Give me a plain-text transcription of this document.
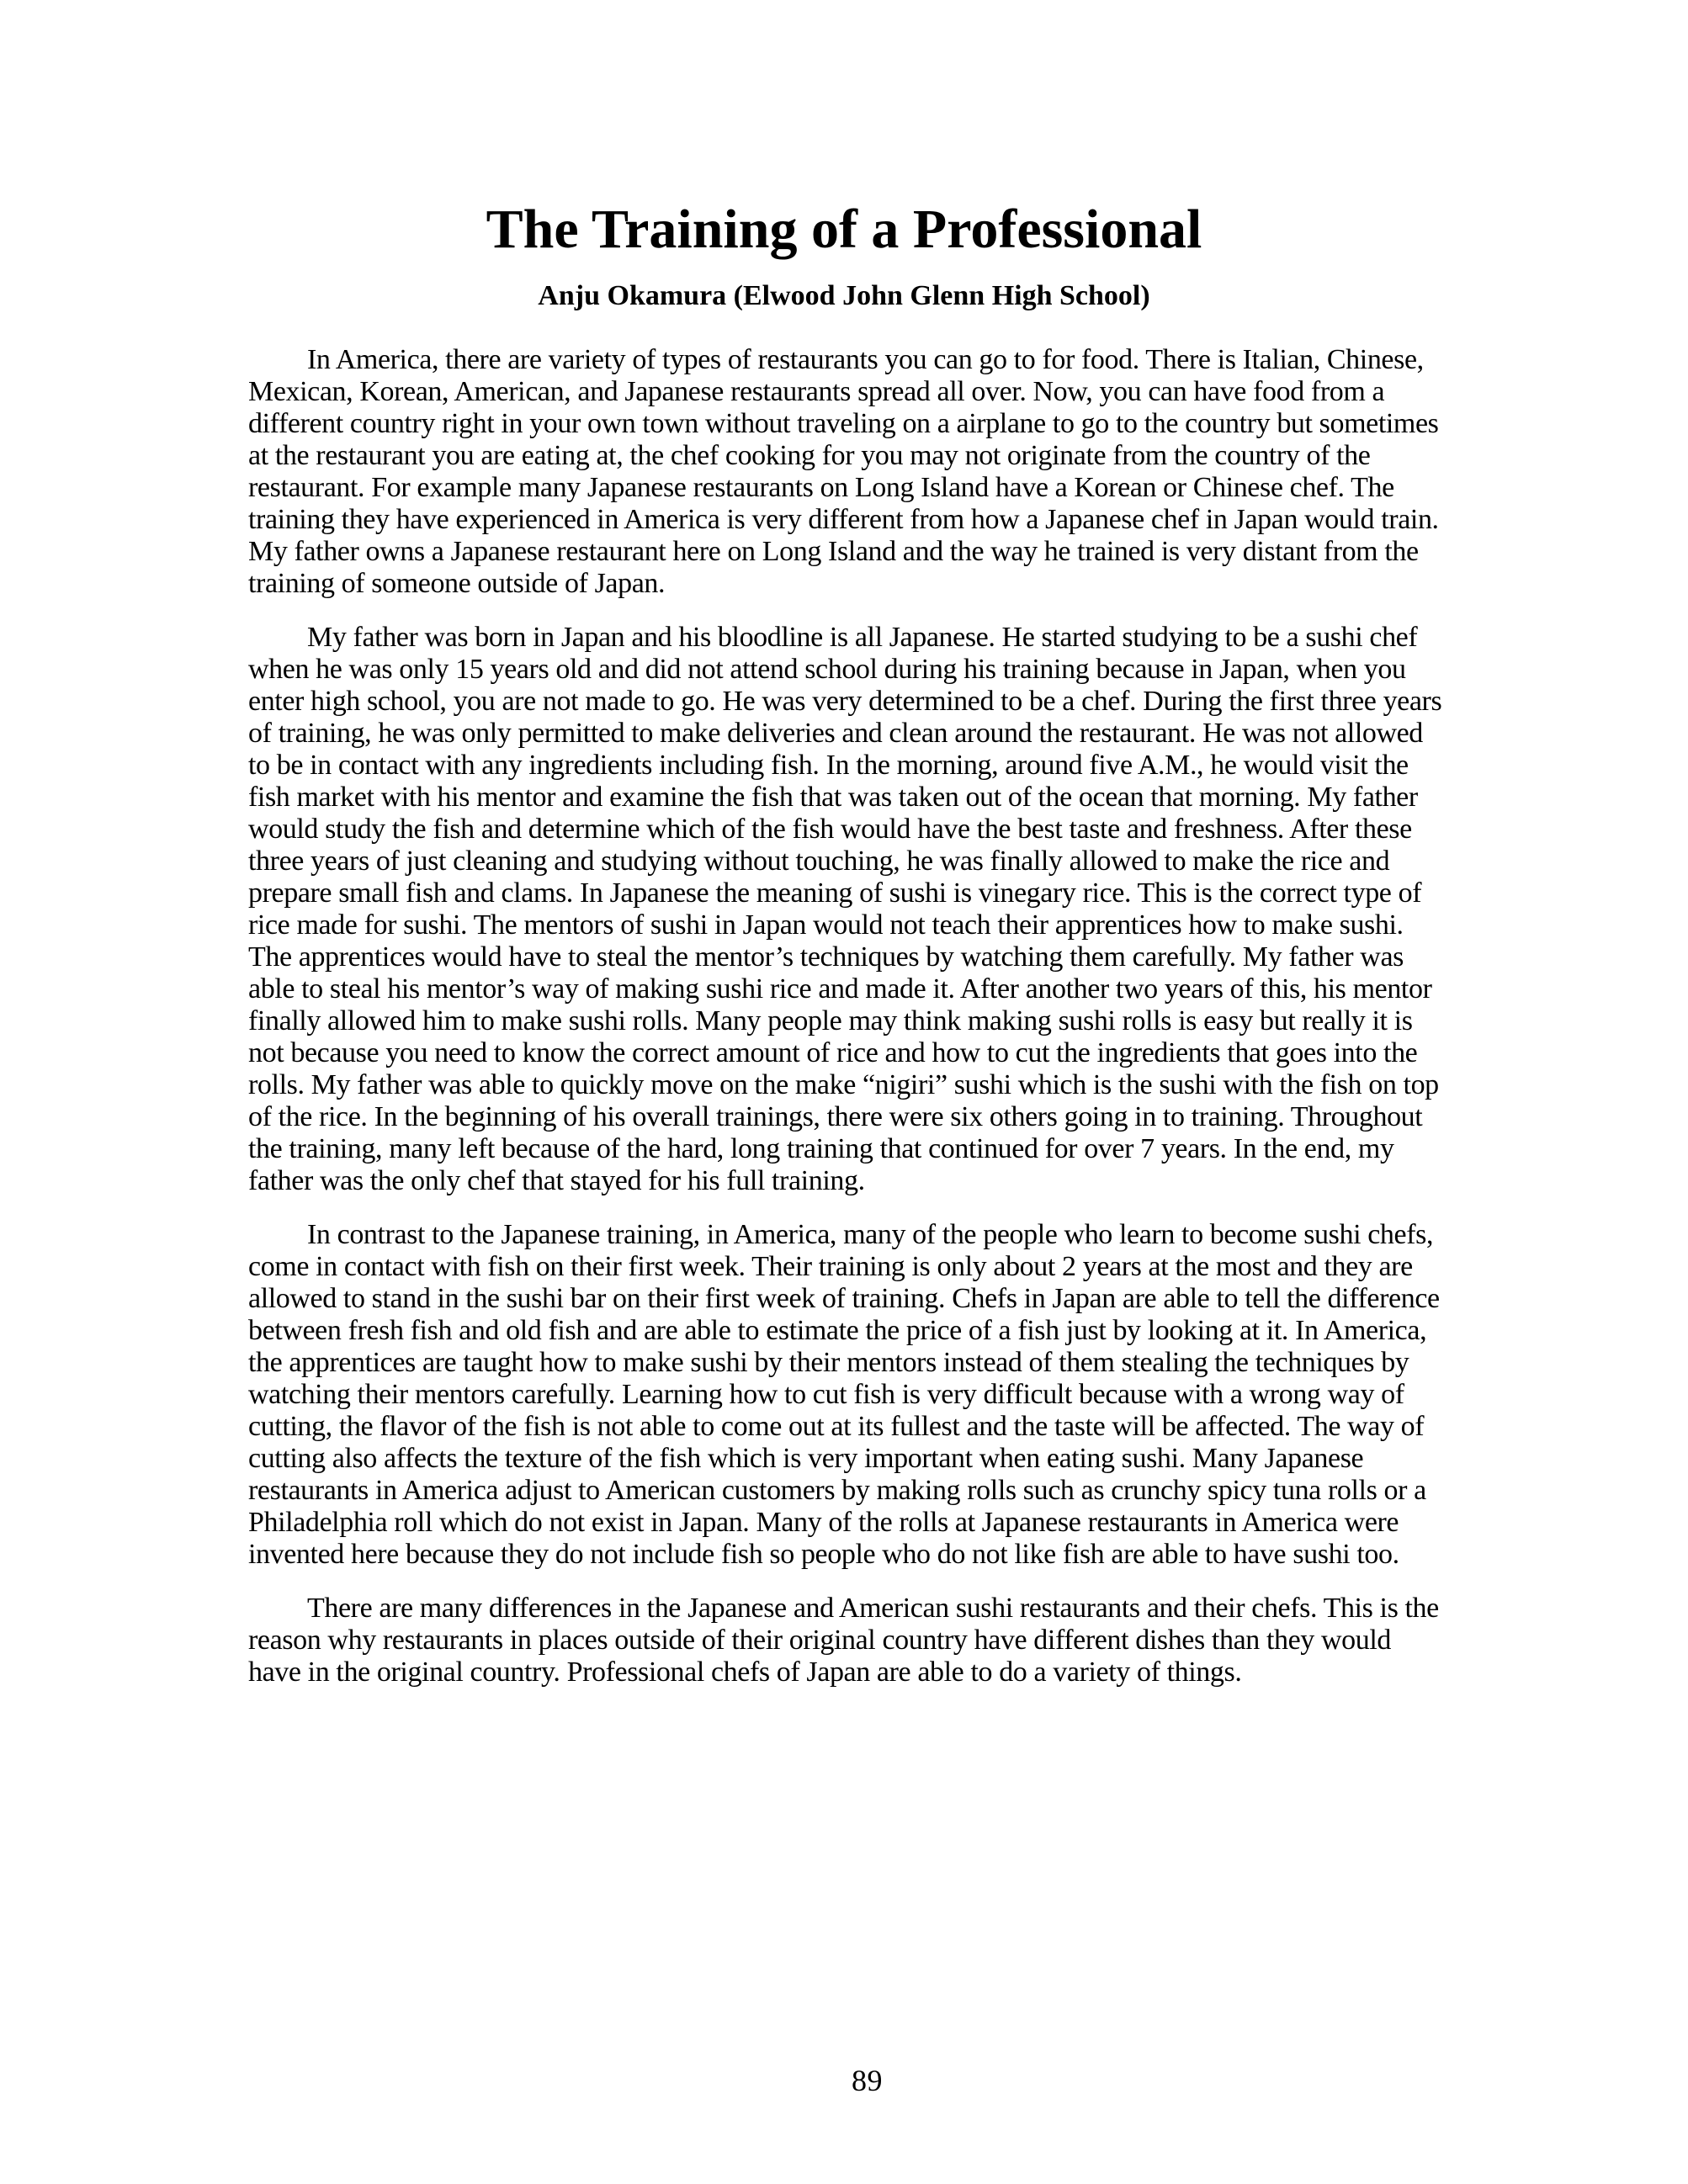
The Training of a Professional
Anju Okamura (Elwood John Glenn High School)

In America, there are variety of types of restaurants you can go to for food. There is Italian, Chinese,
Mexican, Korean, American, and Japanese restaurants spread all over. Now, you can have food from a
different country right in your own town without traveling on a airplane to go to the country but sometimes
at the restaurant you are eating at, the chef cooking for you may not originate from the country of the
restaurant. For example many Japanese restaurants on Long Island have a Korean or Chinese chef. The
training they have experienced in America is very different from how a Japanese chef in Japan would train.
My father owns a Japanese restaurant here on Long Island and the way he trained is very distant from the
training of someone outside of Japan.

My father was born in Japan and his bloodline is all Japanese. He started studying to be a sushi chef
when he was only 15 years old and did not attend school during his training because in Japan, when you
enter high school, you are not made to go. He was very determined to be a chef. During the first three years
of training, he was only permitted to make deliveries and clean around the restaurant. He was not allowed
to be in contact with any ingredients including fish. In the morning, around five A.M., he would visit the
fish market with his mentor and examine the fish that was taken out of the ocean that morning. My father
would study the fish and determine which of the fish would have the best taste and freshness. After these
three years of just cleaning and studying without touching, he was finally allowed to make the rice and
prepare small fish and clams. In Japanese the meaning of sushi is vinegary rice. This is the correct type of
rice made for sushi. The mentors of sushi in Japan would not teach their apprentices how to make sushi.
The apprentices would have to steal the mentor’s techniques by watching them carefully. My father was
able to steal his mentor’s way of making sushi rice and made it. After another two years of this, his mentor
finally allowed him to make sushi rolls. Many people may think making sushi rolls is easy but really it is
not because you need to know the correct amount of rice and how to cut the ingredients that goes into the
rolls. My father was able to quickly move on the make “nigiri” sushi which is the sushi with the fish on top
of the rice. In the beginning of his overall trainings, there were six others going in to training. Throughout
the training, many left because of the hard, long training that continued for over 7 years. In the end, my
father was the only chef that stayed for his full training.

In contrast to the Japanese training, in America, many of the people who learn to become sushi chefs,
come in contact with fish on their first week. Their training is only about 2 years at the most and they are
allowed to stand in the sushi bar on their first week of training. Chefs in Japan are able to tell the difference
between fresh fish and old fish and are able to estimate the price of a fish just by looking at it. In America,
the apprentices are taught how to make sushi by their mentors instead of them stealing the techniques by
watching their mentors carefully. Learning how to cut fish is very difficult because with a wrong way of
cutting, the flavor of the fish is not able to come out at its fullest and the taste will be affected. The way of
cutting also affects the texture of the fish which is very important when eating sushi. Many Japanese
restaurants in America adjust to American customers by making rolls such as crunchy spicy tuna rolls or a
Philadelphia roll which do not exist in Japan. Many of the rolls at Japanese restaurants in America were
invented here because they do not include fish so people who do not like fish are able to have sushi too.

There are many differences in the Japanese and American sushi restaurants and their chefs. This is the
reason why restaurants in places outside of their original country have different dishes than they would
have in the original country. Professional chefs of Japan are able to do a variety of things.

89
